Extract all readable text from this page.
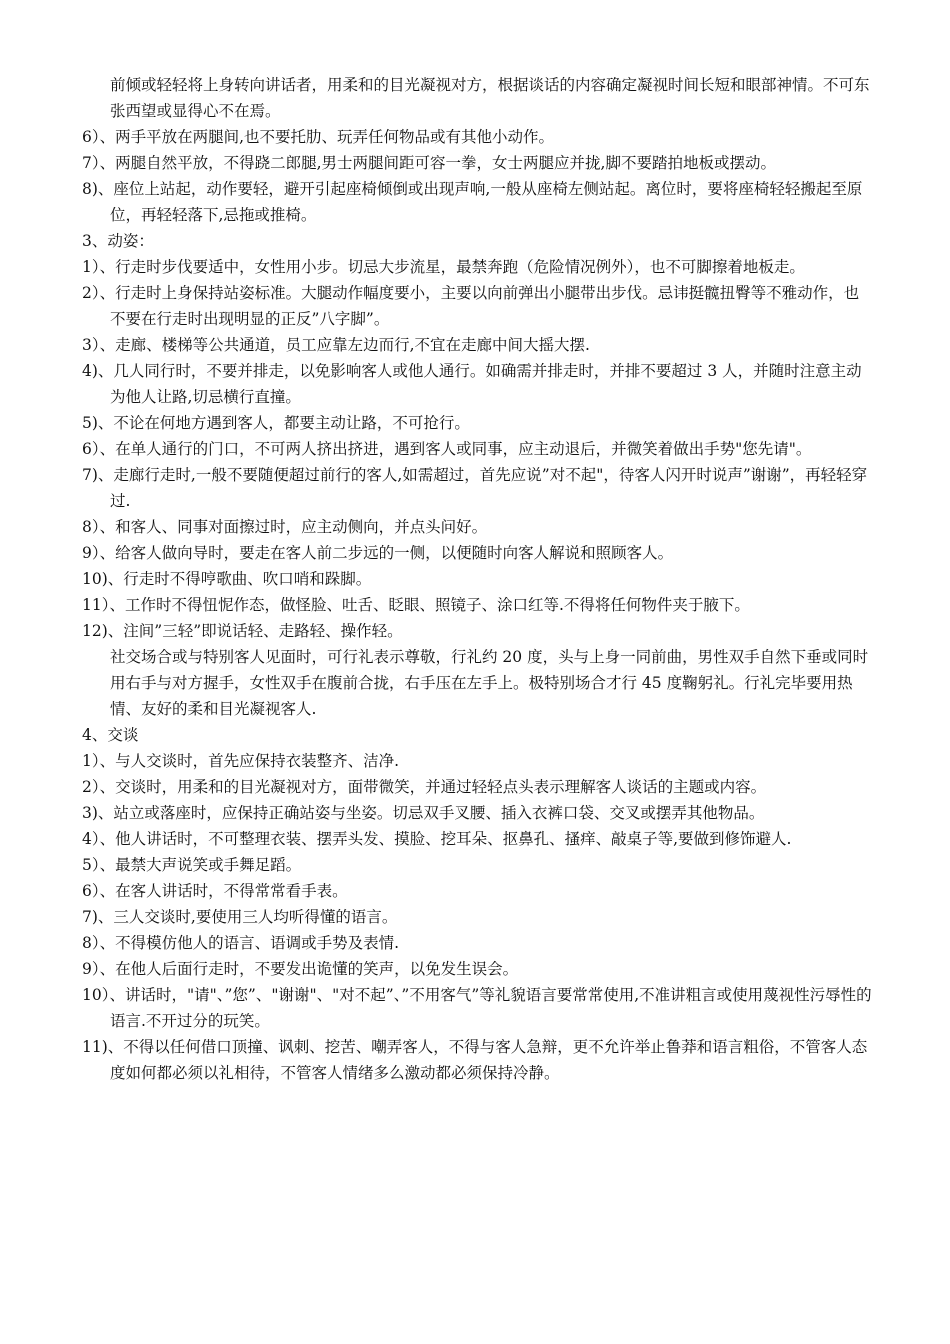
前倾或轻轻将上身转向讲话者，用柔和的目光凝视对方，根据谈话的内容确定凝视时间长短和眼部神情。不可东张西望或显得心不在焉。

6）、两手平放在两腿间,也不要托肋、玩弄任何物品或有其他小动作。

7）、两腿自然平放，不得跷二郎腿,男士两腿间距可容一拳，女士两腿应并拢,脚不要踏拍地板或摆动。

8)、座位上站起，动作要轻，避开引起座椅倾倒或出现声响,一般从座椅左侧站起。离位时，要将座椅轻轻搬起至原位，再轻轻落下,忌拖或推椅。

3、动姿：

1）、行走时步伐要适中，女性用小步。切忌大步流星，最禁奔跑（危险情况例外），也不可脚擦着地板走。

2）、行走时上身保持站姿标准。大腿动作幅度要小，主要以向前弹出小腿带出步伐。忌讳挺髋扭臀等不雅动作，也不要在行走时出现明显的正反”八字脚”。

3）、走廊、楼梯等公共通道，员工应靠左边而行,不宜在走廊中间大摇大摆.

4)、几人同行时，不要并排走，以免影响客人或他人通行。如确需并排走时，并排不要超过 3 人，并随时注意主动为他人让路,切忌横行直撞。

5)、不论在何地方遇到客人，都要主动让路，不可抢行。

6）、在单人通行的门口，不可两人挤出挤进，遇到客人或同事，应主动退后，并微笑着做出手势"您先请"。

7)、走廊行走时,一般不要随便超过前行的客人,如需超过，首先应说”对不起"，待客人闪开时说声”谢谢”，再轻轻穿过.

8）、和客人、同事对面擦过时，应主动侧向，并点头问好。

9）、给客人做向导时，要走在客人前二步远的一侧，以便随时向客人解说和照顾客人。

10)、行走时不得哼歌曲、吹口哨和跺脚。

11）、工作时不得忸怩作态，做怪脸、吐舌、眨眼、照镜子、涂口红等.不得将任何物件夹于腋下。

12)、注间”三轻”即说话轻、走路轻、操作轻。

社交场合或与特别客人见面时，可行礼表示尊敬，行礼约 20 度，头与上身一同前曲，男性双手自然下垂或同时用右手与对方握手，女性双手在腹前合拢，右手压在左手上。极特别场合才行 45 度鞠躬礼。行礼完毕要用热情、友好的柔和目光凝视客人.

4、交谈

1）、与人交谈时，首先应保持衣装整齐、洁净.

2）、交谈时，用柔和的目光凝视对方，面带微笑，并通过轻轻点头表示理解客人谈话的主题或内容。

3)、站立或落座时，应保持正确站姿与坐姿。切忌双手叉腰、插入衣裤口袋、交叉或摆弄其他物品。

4）、他人讲话时，不可整理衣装、摆弄头发、摸脸、挖耳朵、抠鼻孔、搔痒、敲桌子等,要做到修饰避人.

5）、最禁大声说笑或手舞足蹈。

6）、在客人讲话时，不得常常看手表。

7)、三人交谈时,要使用三人均听得懂的语言。

8）、不得模仿他人的语言、语调或手势及表情.

9）、在他人后面行走时，不要发出诡懂的笑声，以免发生误会。

10）、讲话时，"请"、”您”、"谢谢"、"对不起”、”不用客气”等礼貌语言要常常使用,不准讲粗言或使用蔑视性污辱性的语言.不开过分的玩笑。

11)、不得以任何借口顶撞、讽刺、挖苦、嘲弄客人，不得与客人急辩，更不允许举止鲁莽和语言粗俗，不管客人态度如何都必须以礼相待，不管客人情绪多么激动都必须保持冷静。
